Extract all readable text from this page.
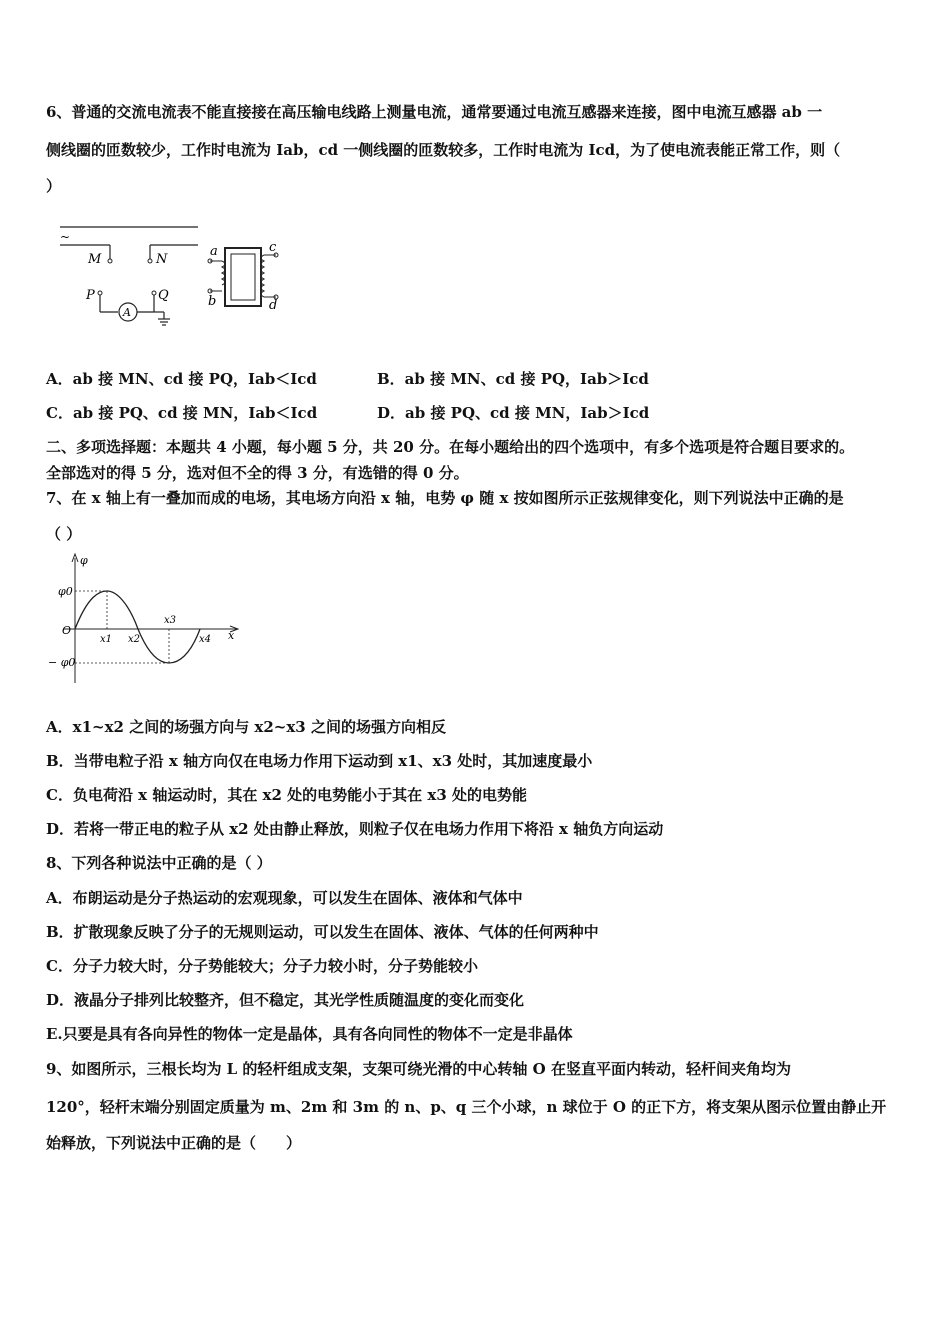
6、普通的交流电流表不能直接接在高压输电线路上测量电流，通常要通过电流互感器来连接，图中电流互感器 ab 一
侧线圈的匝数较少，工作时电流为 Iab，cd 一侧线圈的匝数较多，工作时电流为 Icd，为了使电流表能正常工作，则（
）
~
M	N
P
A
Q
a
b
c
d
A．ab 接 MN、cd 接 PQ，Iab＜Icd	B．ab 接 MN、cd 接 PQ，Iab＞Icd
C．ab 接 PQ、cd 接 MN，Iab＜Icd	D．ab 接 PQ、cd 接 MN，Iab＞Icd
二、多项选择题：本题共 4 小题，每小题 5 分，共 20 分。在每小题给出的四个选项中，有多个选项是符合题目要求的。
全部选对的得 5 分，选对但不全的得 3 分，有选错的得 0 分。
7、在 x 轴上有一叠加而成的电场，其电场方向沿 x 轴，电势 φ 随 x 按如图所示正弦规律变化，则下列说法中正确的是
（ ）
φ
x
O
φ0
− φ0
x1 x2
x3
x4
A．x1~x2 之间的场强方向与 x2~x3 之间的场强方向相反
B．当带电粒子沿 x 轴方向仅在电场力作用下运动到 x1、x3 处时，其加速度最小
C．负电荷沿 x 轴运动时，其在 x2 处的电势能小于其在 x3 处的电势能
D．若将一带正电的粒子从 x2 处由静止释放，则粒子仅在电场力作用下将沿 x 轴负方向运动
8、下列各种说法中正确的是（ ）
A．布朗运动是分子热运动的宏观现象，可以发生在固体、液体和气体中
B．扩散现象反映了分子的无规则运动，可以发生在固体、液体、气体的任何两种中
C．分子力较大时，分子势能较大；分子力较小时，分子势能较小
D．液晶分子排列比较整齐，但不稳定，其光学性质随温度的变化而变化
E.只要是具有各向异性的物体一定是晶体，具有各向同性的物体不一定是非晶体
9、如图所示，三根长均为 L 的轻杆组成支架，支架可绕光滑的中心转轴 O 在竖直平面内转动，轻杆间夹角均为
120°，轻杆末端分别固定质量为 m、2m 和 3m 的 n、p、q 三个小球，n 球位于 O 的正下方，将支架从图示位置由静止开
始释放，下列说法中正确的是（　　）
